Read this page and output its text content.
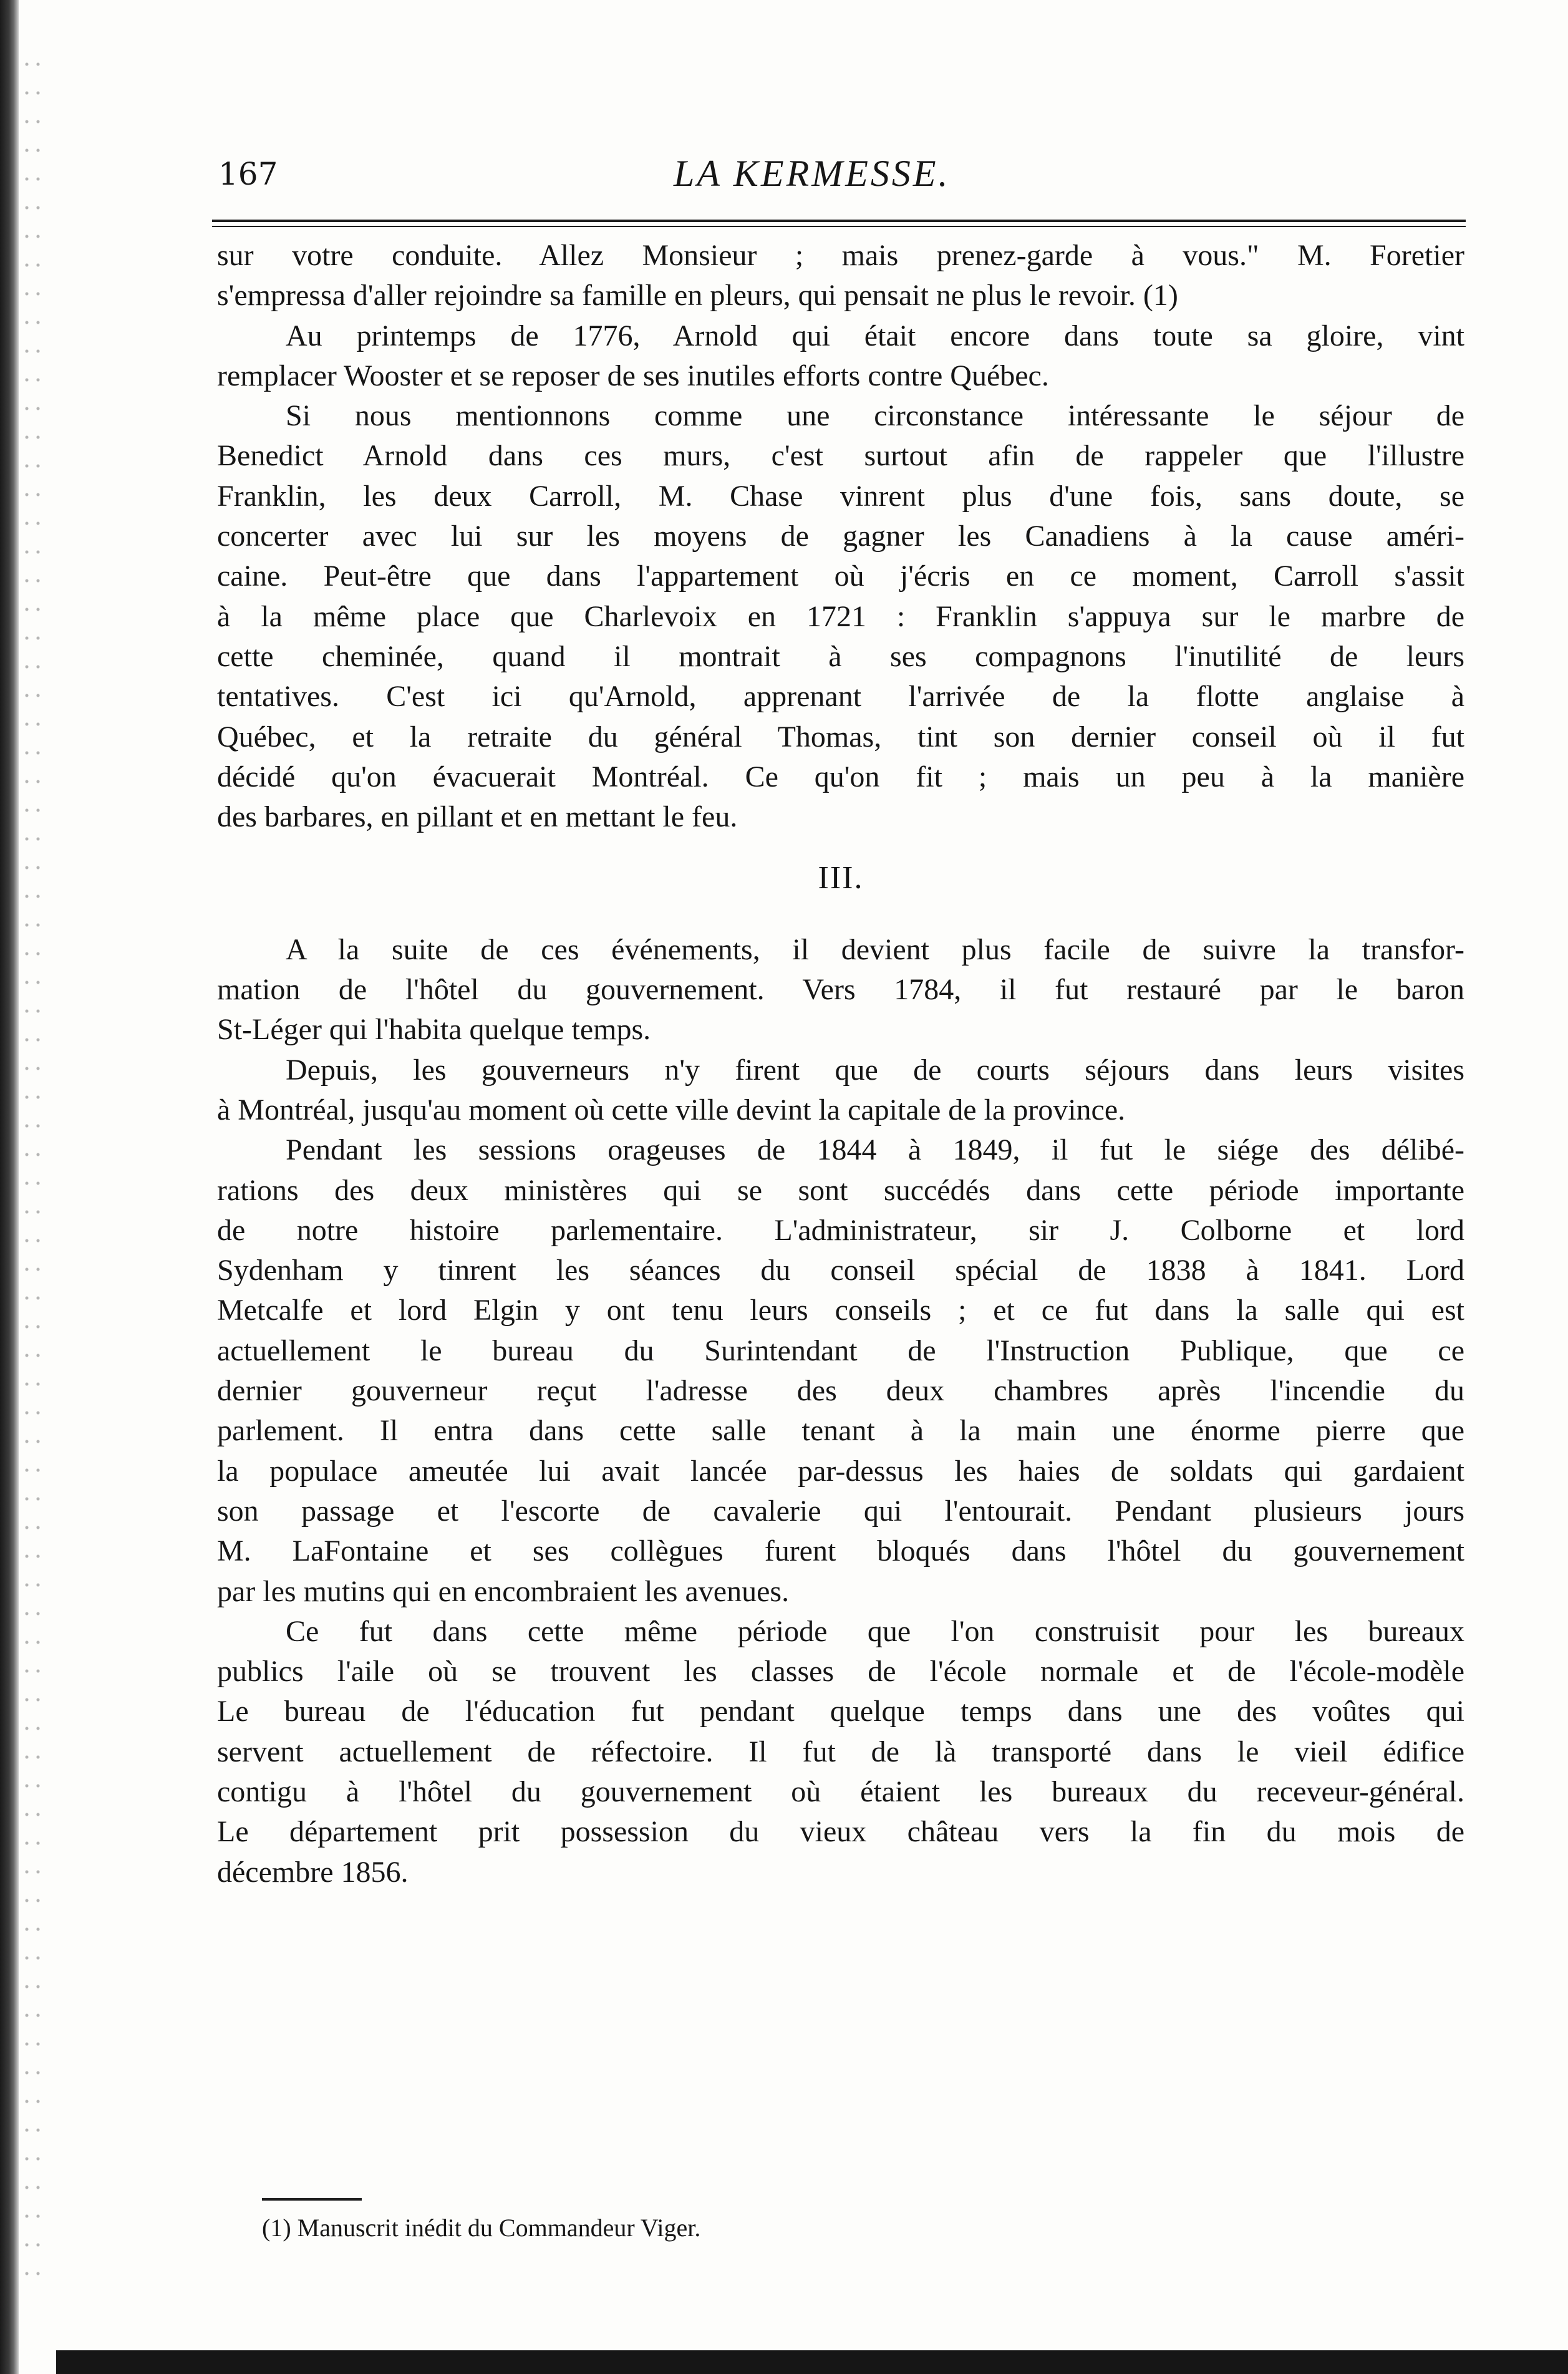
167	LA KERMESSE.

sur votre conduite. Allez Monsieur ; mais prenez-garde à vous." M. Foretier
s'empressa d'aller rejoindre sa famille en pleurs, qui pensait ne plus le revoir. (1)

Au printemps de 1776, Arnold qui était encore dans toute sa gloire, vint
remplacer Wooster et se reposer de ses inutiles efforts contre Québec.

Si nous mentionnons comme une circonstance intéressante le séjour de
Benedict Arnold dans ces murs, c'est surtout afin de rappeler que l'illustre
Franklin, les deux Carroll, M. Chase vinrent plus d'une fois, sans doute, se
concerter avec lui sur les moyens de gagner les Canadiens à la cause améri-
caine. Peut-être que dans l'appartement où j'écris en ce moment, Carroll s'assit
à la même place que Charlevoix en 1721 : Franklin s'appuya sur le marbre de
cette cheminée, quand il montrait à ses compagnons l'inutilité de leurs
tentatives. C'est ici qu'Arnold, apprenant l'arrivée de la flotte anglaise à
Québec, et la retraite du général Thomas, tint son dernier conseil où il fut
décidé qu'on évacuerait Montréal. Ce qu'on fit ; mais un peu à la manière
des barbares, en pillant et en mettant le feu.

III.

A la suite de ces événements, il devient plus facile de suivre la transfor-
mation de l'hôtel du gouvernement. Vers 1784, il fut restauré par le baron
St-Léger qui l'habita quelque temps.

Depuis, les gouverneurs n'y firent que de courts séjours dans leurs visites
à Montréal, jusqu'au moment où cette ville devint la capitale de la province.

Pendant les sessions orageuses de 1844 à 1849, il fut le siége des délibé-
rations des deux ministères qui se sont succédés dans cette période importante
de notre histoire parlementaire. L'administrateur, sir J. Colborne et lord
Sydenham y tinrent les séances du conseil spécial de 1838 à 1841. Lord
Metcalfe et lord Elgin y ont tenu leurs conseils ; et ce fut dans la salle qui est
actuellement le bureau du Surintendant de l'Instruction Publique, que ce
dernier gouverneur reçut l'adresse des deux chambres après l'incendie du
parlement. Il entra dans cette salle tenant à la main une énorme pierre que
la populace ameutée lui avait lancée par-dessus les haies de soldats qui gardaient
son passage et l'escorte de cavalerie qui l'entourait. Pendant plusieurs jours
M. LaFontaine et ses collègues furent bloqués dans l'hôtel du gouvernement
par les mutins qui en encombraient les avenues.

Ce fut dans cette même période que l'on construisit pour les bureaux
publics l'aile où se trouvent les classes de l'école normale et de l'école-modèle
Le bureau de l'éducation fut pendant quelque temps dans une des voûtes qui
servent actuellement de réfectoire. Il fut de là transporté dans le vieil édifice
contigu à l'hôtel du gouvernement où étaient les bureaux du receveur-général.
Le département prit possession du vieux château vers la fin du mois de
décembre 1856.

(1) Manuscrit inédit du Commandeur Viger.
